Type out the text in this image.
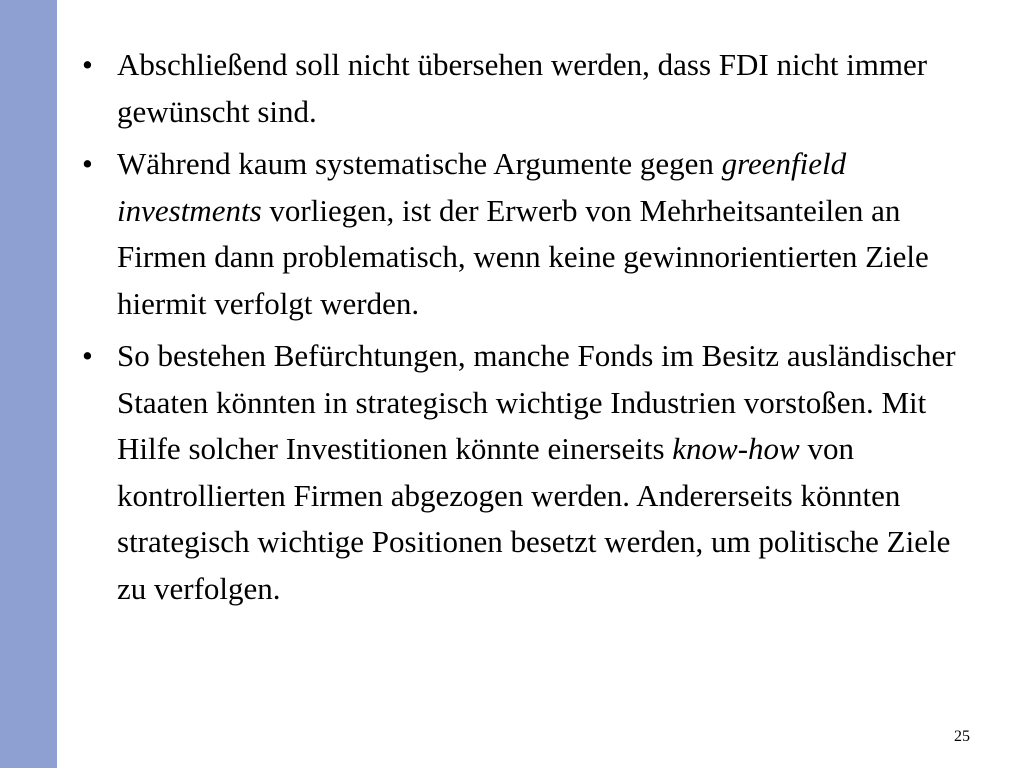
• Abschließend soll nicht übersehen werden, dass FDI nicht immer gewünscht sind.

• Während kaum systematische Argumente gegen greenfield investments vorliegen, ist der Erwerb von Mehrheitsanteilen an Firmen dann problematisch, wenn keine gewinnorientierten Ziele hiermit verfolgt werden.

• So bestehen Befürchtungen, manche Fonds im Besitz ausländischer Staaten könnten in strategisch wichtige Industrien vorstoßen. Mit Hilfe solcher Investitionen könnte einerseits know-how von kontrollierten Firmen abgezogen werden. Andererseits könnten strategisch wichtige Positionen besetzt werden, um politische Ziele zu verfolgen.

25
